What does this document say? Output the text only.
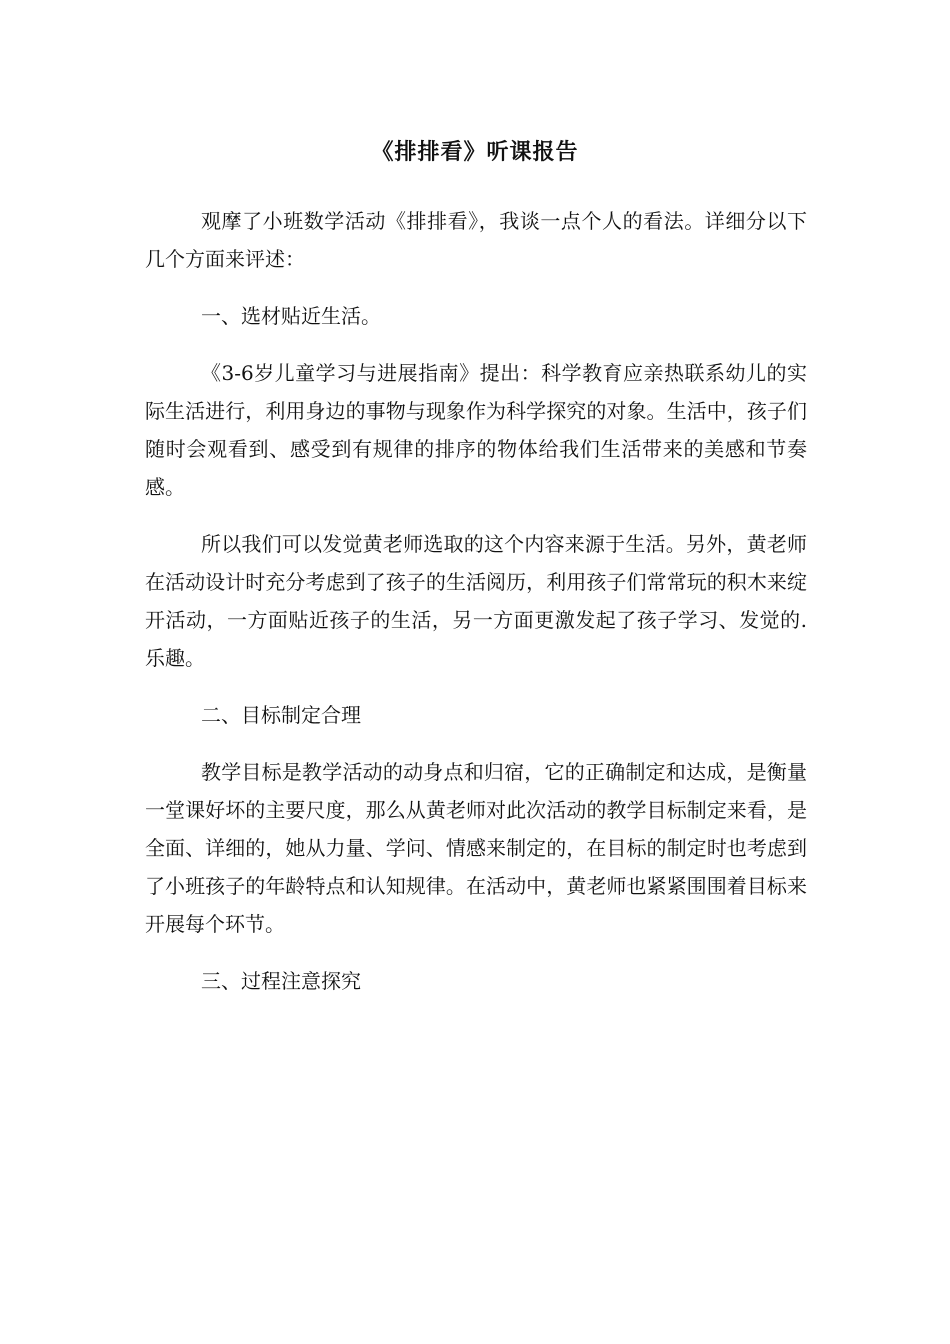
《排排看》听课报告

观摩了小班数学活动《排排看》，我谈一点个人的看法。详细分以下几个方面来评述：

一、选材贴近生活。

《3-6岁儿童学习与进展指南》提出：科学教育应亲热联系幼儿的实际生活进行，利用身边的事物与现象作为科学探究的对象。生活中，孩子们随时会观看到、感受到有规律的排序的物体给我们生活带来的美感和节奏感。

所以我们可以发觉黄老师选取的这个内容来源于生活。另外，黄老师在活动设计时充分考虑到了孩子的生活阅历，利用孩子们常常玩的积木来绽开活动，一方面贴近孩子的生活，另一方面更激发起了孩子学习、发觉的.乐趣。

二、目标制定合理

教学目标是教学活动的动身点和归宿，它的正确制定和达成，是衡量一堂课好坏的主要尺度，那么从黄老师对此次活动的教学目标制定来看，是全面、详细的，她从力量、学问、情感来制定的，在目标的制定时也考虑到了小班孩子的年龄特点和认知规律。在活动中，黄老师也紧紧围围着目标来开展每个环节。

三、过程注意探究
